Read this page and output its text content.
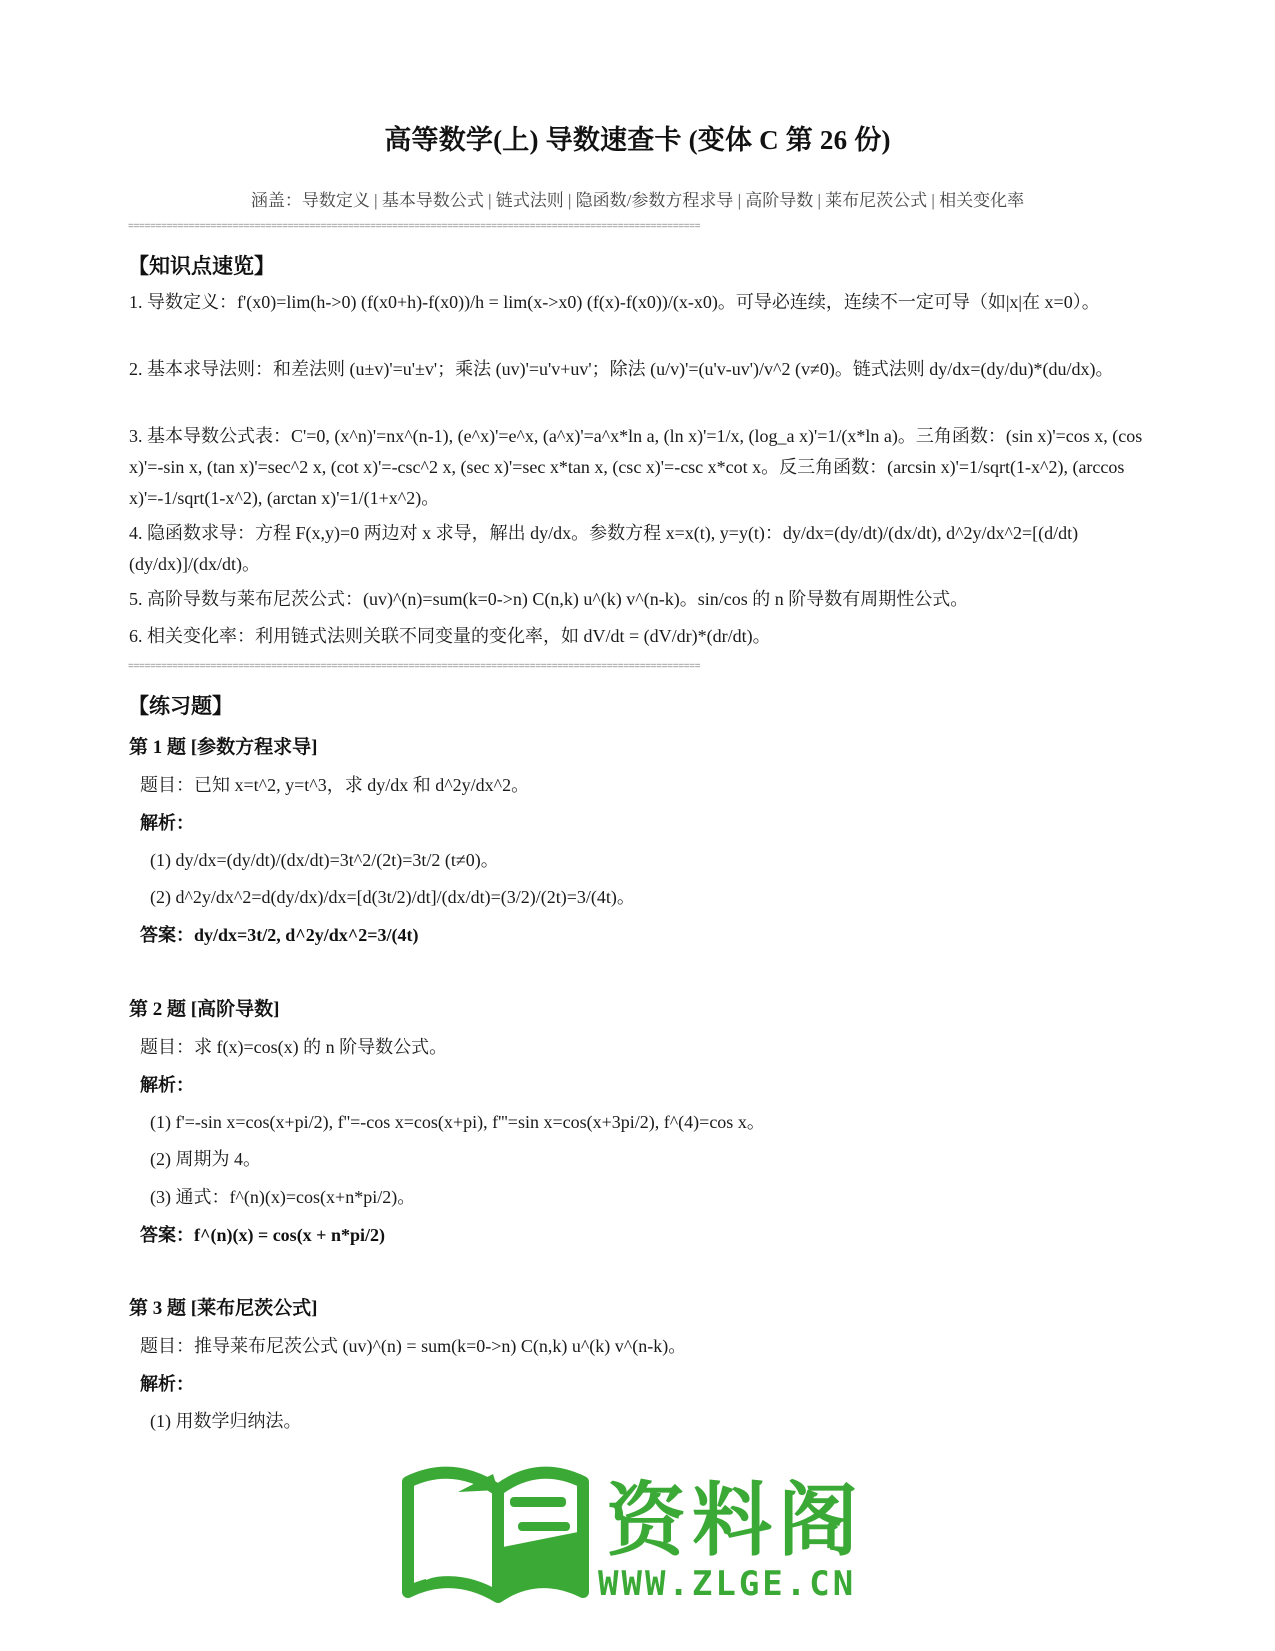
高等数学(上) 导数速查卡 (变体 C 第 26 份)
涵盖：导数定义 | 基本导数公式 | 链式法则 | 隐函数/参数方程求导 | 高阶导数 | 莱布尼茨公式 | 相关变化率
========================================================================================================
【知识点速览】
1. 导数定义：f'(x0)=lim(h->0) (f(x0+h)-f(x0))/h = lim(x->x0) (f(x)-f(x0))/(x-x0)。可导必连续，连续不一定可导（如|x|在 x=0）。
2. 基本求导法则：和差法则 (u±v)'=u'±v'；乘法 (uv)'=u'v+uv'；除法 (u/v)'=(u'v-uv')/v^2 (v≠0)。链式法则 dy/dx=(dy/du)*(du/dx)。
3. 基本导数公式表：C'=0, (x^n)'=nx^(n-1), (e^x)'=e^x, (a^x)'=a^x*ln a, (ln x)'=1/x, (log_a x)'=1/(x*ln a)。三角函数：(sin x)'=cos x, (cos x)'=-sin x, (tan x)'=sec^2 x, (cot x)'=-csc^2 x, (sec x)'=sec x*tan x, (csc x)'=-csc x*cot x。反三角函数：(arcsin x)'=1/sqrt(1-x^2), (arccos x)'=-1/sqrt(1-x^2), (arctan x)'=1/(1+x^2)。
4. 隐函数求导：方程 F(x,y)=0 两边对 x 求导，解出 dy/dx。参数方程 x=x(t), y=y(t)：dy/dx=(dy/dt)/(dx/dt), d^2y/dx^2=[(d/dt)(dy/dx)]/(dx/dt)。
5. 高阶导数与莱布尼茨公式：(uv)^(n)=sum(k=0->n) C(n,k) u^(k) v^(n-k)。sin/cos 的 n 阶导数有周期性公式。
6. 相关变化率：利用链式法则关联不同变量的变化率，如 dV/dt = (dV/dr)*(dr/dt)。
========================================================================================================
【练习题】
第 1 题 [参数方程求导]
题目：已知 x=t^2, y=t^3，求 dy/dx 和 d^2y/dx^2。
解析：
(1) dy/dx=(dy/dt)/(dx/dt)=3t^2/(2t)=3t/2 (t≠0)。
(2) d^2y/dx^2=d(dy/dx)/dx=[d(3t/2)/dt]/(dx/dt)=(3/2)/(2t)=3/(4t)。
答案：dy/dx=3t/2, d^2y/dx^2=3/(4t)
第 2 题 [高阶导数]
题目：求 f(x)=cos(x) 的 n 阶导数公式。
解析：
(1) f'=-sin x=cos(x+pi/2), f''=-cos x=cos(x+pi), f'''=sin x=cos(x+3pi/2), f^(4)=cos x。
(2) 周期为 4。
(3) 通式：f^(n)(x)=cos(x+n*pi/2)。
答案：f^(n)(x) = cos(x + n*pi/2)
第 3 题 [莱布尼茨公式]
题目：推导莱布尼茨公式 (uv)^(n) = sum(k=0->n) C(n,k) u^(k) v^(n-k)。
解析：
(1) 用数学归纳法。
资料阁
WWW.ZLGE.CN
